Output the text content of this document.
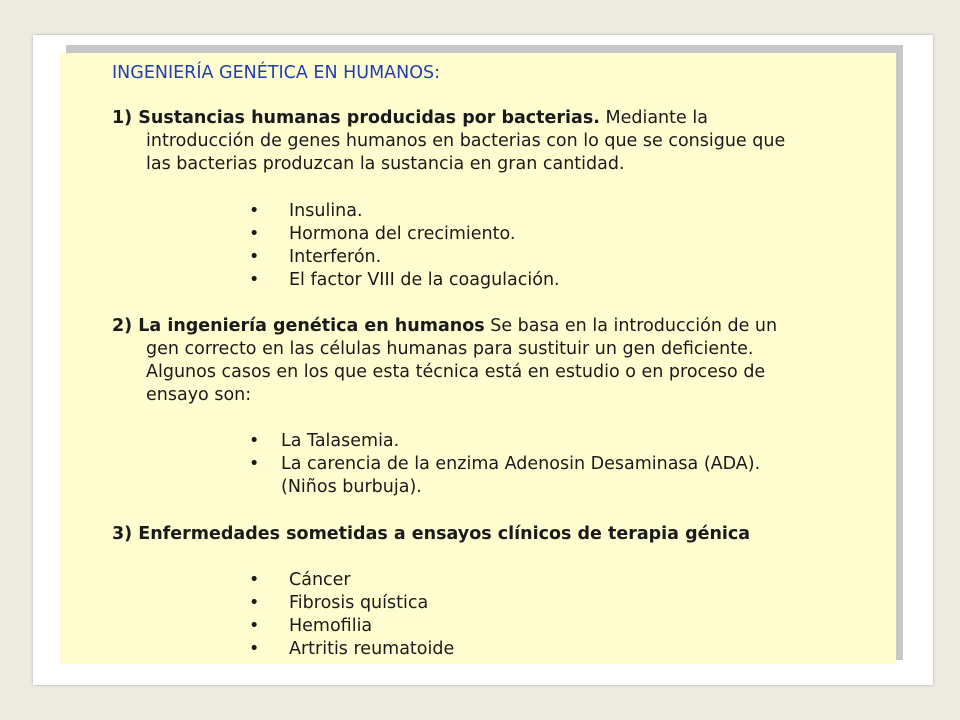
INGENIERÍA GENÉTICA EN HUMANOS:
1) Sustancias humanas producidas por bacterias. Mediante la
introducción de genes humanos en bacterias con lo que se consigue que
las bacterias produzcan la sustancia en gran cantidad.
• Insulina.
• Hormona del crecimiento.
• Interferón.
• El factor VIII de la coagulación.
2) La ingeniería genética en humanos Se basa en la introducción de un
gen correcto en las células humanas para sustituir un gen deficiente.
Algunos casos en los que esta técnica está en estudio o en proceso de
ensayo son:
• La Talasemia.
• La carencia de la enzima Adenosin Desaminasa (ADA).
(Niños burbuja).
3) Enfermedades sometidas a ensayos clínicos de terapia génica
• Cáncer
• Fibrosis quística
• Hemofilia
• Artritis reumatoide
